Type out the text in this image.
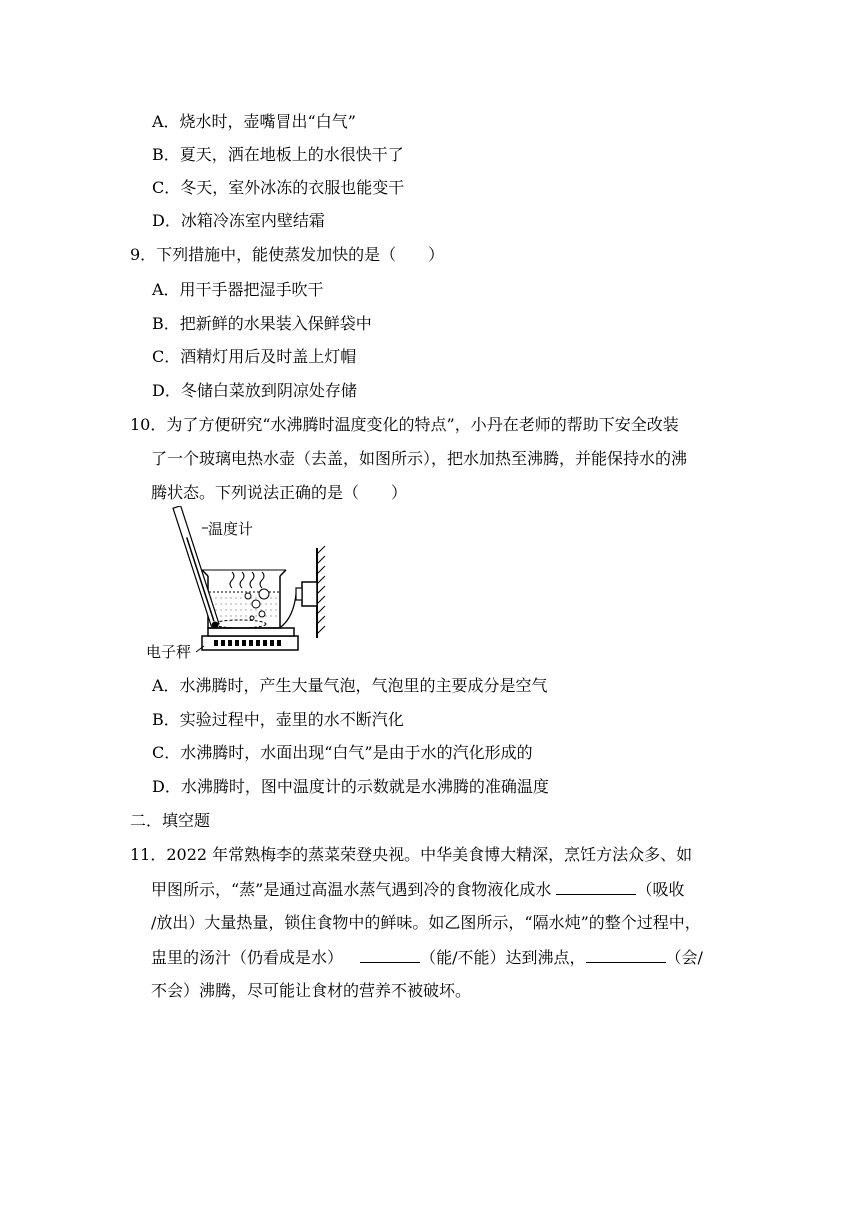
A．烧水时，壶嘴冒出“白气”
B．夏天，洒在地板上的水很快干了
C．冬天，室外冰冻的衣服也能变干
D．冰箱冷冻室内壁结霜
9．下列措施中，能使蒸发加快的是（　　）
A．用干手器把湿手吹干
B．把新鲜的水果装入保鲜袋中
C．酒精灯用后及时盖上灯帽
D．冬储白菜放到阴凉处存储
10．为了方便研究“水沸腾时温度变化的特点”，小丹在老师的帮助下安全改装
了一个玻璃电热水壶（去盖，如图所示），把水加热至沸腾，并能保持水的沸
腾状态。下列说法正确的是（　　）
温度计
电子秤
A．水沸腾时，产生大量气泡，气泡里的主要成分是空气
B．实验过程中，壶里的水不断汽化
C．水沸腾时，水面出现“白气”是由于水的汽化形成的
D．水沸腾时，图中温度计的示数就是水沸腾的准确温度
二．填空题
11．2022 年常熟梅李的蒸菜荣登央视。中华美食博大精深，烹饪方法众多、如
甲图所示，“蒸”是通过高温水蒸气遇到冷的食物液化成水	（吸收
/放出）大量热量，锁住食物中的鲜味。如乙图所示，“隔水炖”的整个过程中，
盅里的汤汁（仍看成是水）	（能/不能）达到沸点，	（会/
不会）沸腾，尽可能让食材的营养不被破坏。
